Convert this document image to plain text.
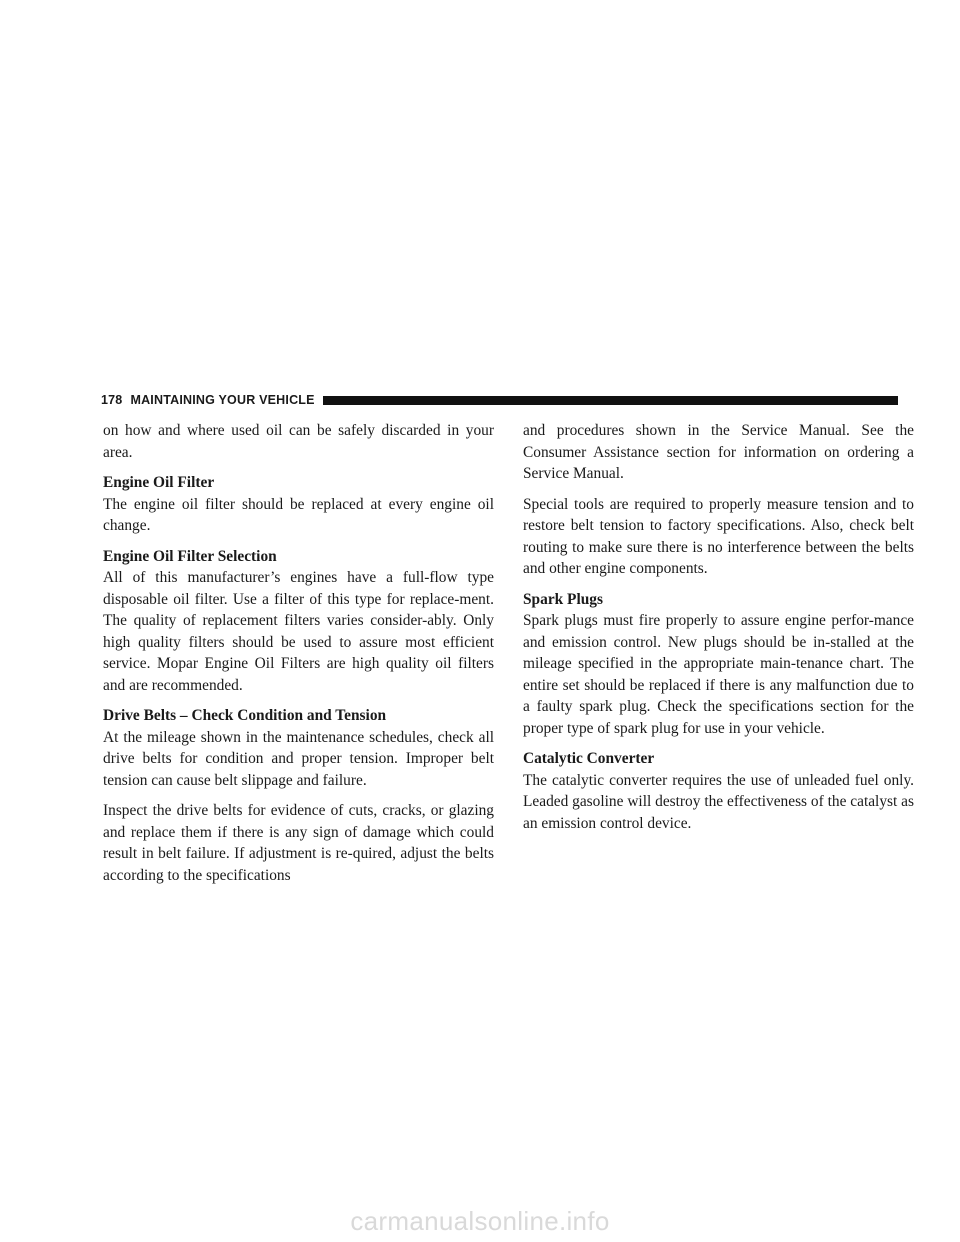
178 MAINTAINING YOUR VEHICLE

on how and where used oil can be safely discarded in your area.

Engine Oil Filter

The engine oil filter should be replaced at every engine oil change.

Engine Oil Filter Selection

All of this manufacturer’s engines have a full-flow type disposable oil filter. Use a filter of this type for replace-ment. The quality of replacement filters varies consider-ably. Only high quality filters should be used to assure most efficient service. Mopar Engine Oil Filters are high quality oil filters and are recommended.

Drive Belts – Check Condition and Tension

At the mileage shown in the maintenance schedules, check all drive belts for condition and proper tension. Improper belt tension can cause belt slippage and failure.

Inspect the drive belts for evidence of cuts, cracks, or glazing and replace them if there is any sign of damage which could result in belt failure. If adjustment is re-quired, adjust the belts according to the specifications

and procedures shown in the Service Manual. See the Consumer Assistance section for information on ordering a Service Manual.

Special tools are required to properly measure tension and to restore belt tension to factory specifications. Also, check belt routing to make sure there is no interference between the belts and other engine components.

Spark Plugs

Spark plugs must fire properly to assure engine perfor-mance and emission control. New plugs should be in-stalled at the mileage specified in the appropriate main-tenance chart. The entire set should be replaced if there is any malfunction due to a faulty spark plug. Check the specifications section for the proper type of spark plug for use in your vehicle.

Catalytic Converter

The catalytic converter requires the use of unleaded fuel only. Leaded gasoline will destroy the effectiveness of the catalyst as an emission control device.

carmanualsonline.info
